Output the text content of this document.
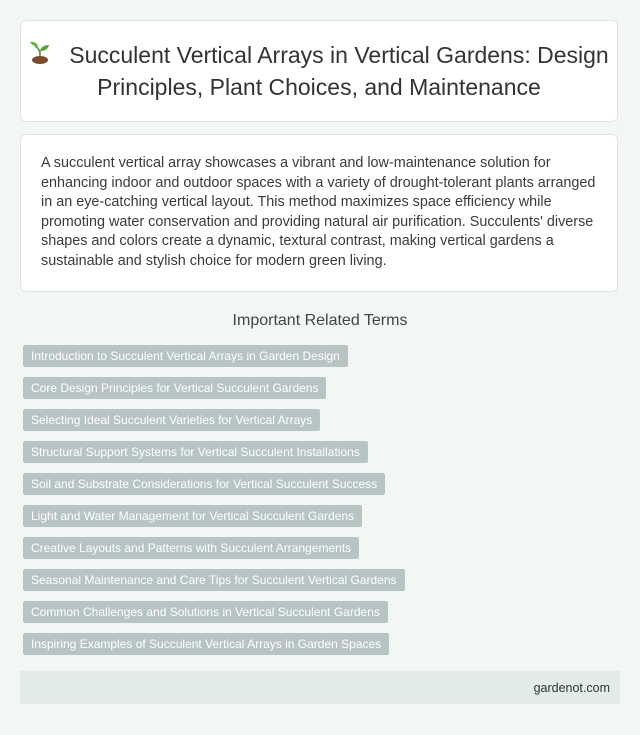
Succulent Vertical Arrays in Vertical Gardens: Design Principles, Plant Choices, and Maintenance

A succulent vertical array showcases a vibrant and low-maintenance solution for enhancing indoor and outdoor spaces with a variety of drought-tolerant plants arranged in an eye-catching vertical layout. This method maximizes space efficiency while promoting water conservation and providing natural air purification. Succulents' diverse shapes and colors create a dynamic, textural contrast, making vertical gardens a sustainable and stylish choice for modern green living.

Important Related Terms
Introduction to Succulent Vertical Arrays in Garden Design
Core Design Principles for Vertical Succulent Gardens
Selecting Ideal Succulent Varieties for Vertical Arrays
Structural Support Systems for Vertical Succulent Installations
Soil and Substrate Considerations for Vertical Succulent Success
Light and Water Management for Vertical Succulent Gardens
Creative Layouts and Patterns with Succulent Arrangements
Seasonal Maintenance and Care Tips for Succulent Vertical Gardens
Common Challenges and Solutions in Vertical Succulent Gardens
Inspiring Examples of Succulent Vertical Arrays in Garden Spaces
gardenot.com
